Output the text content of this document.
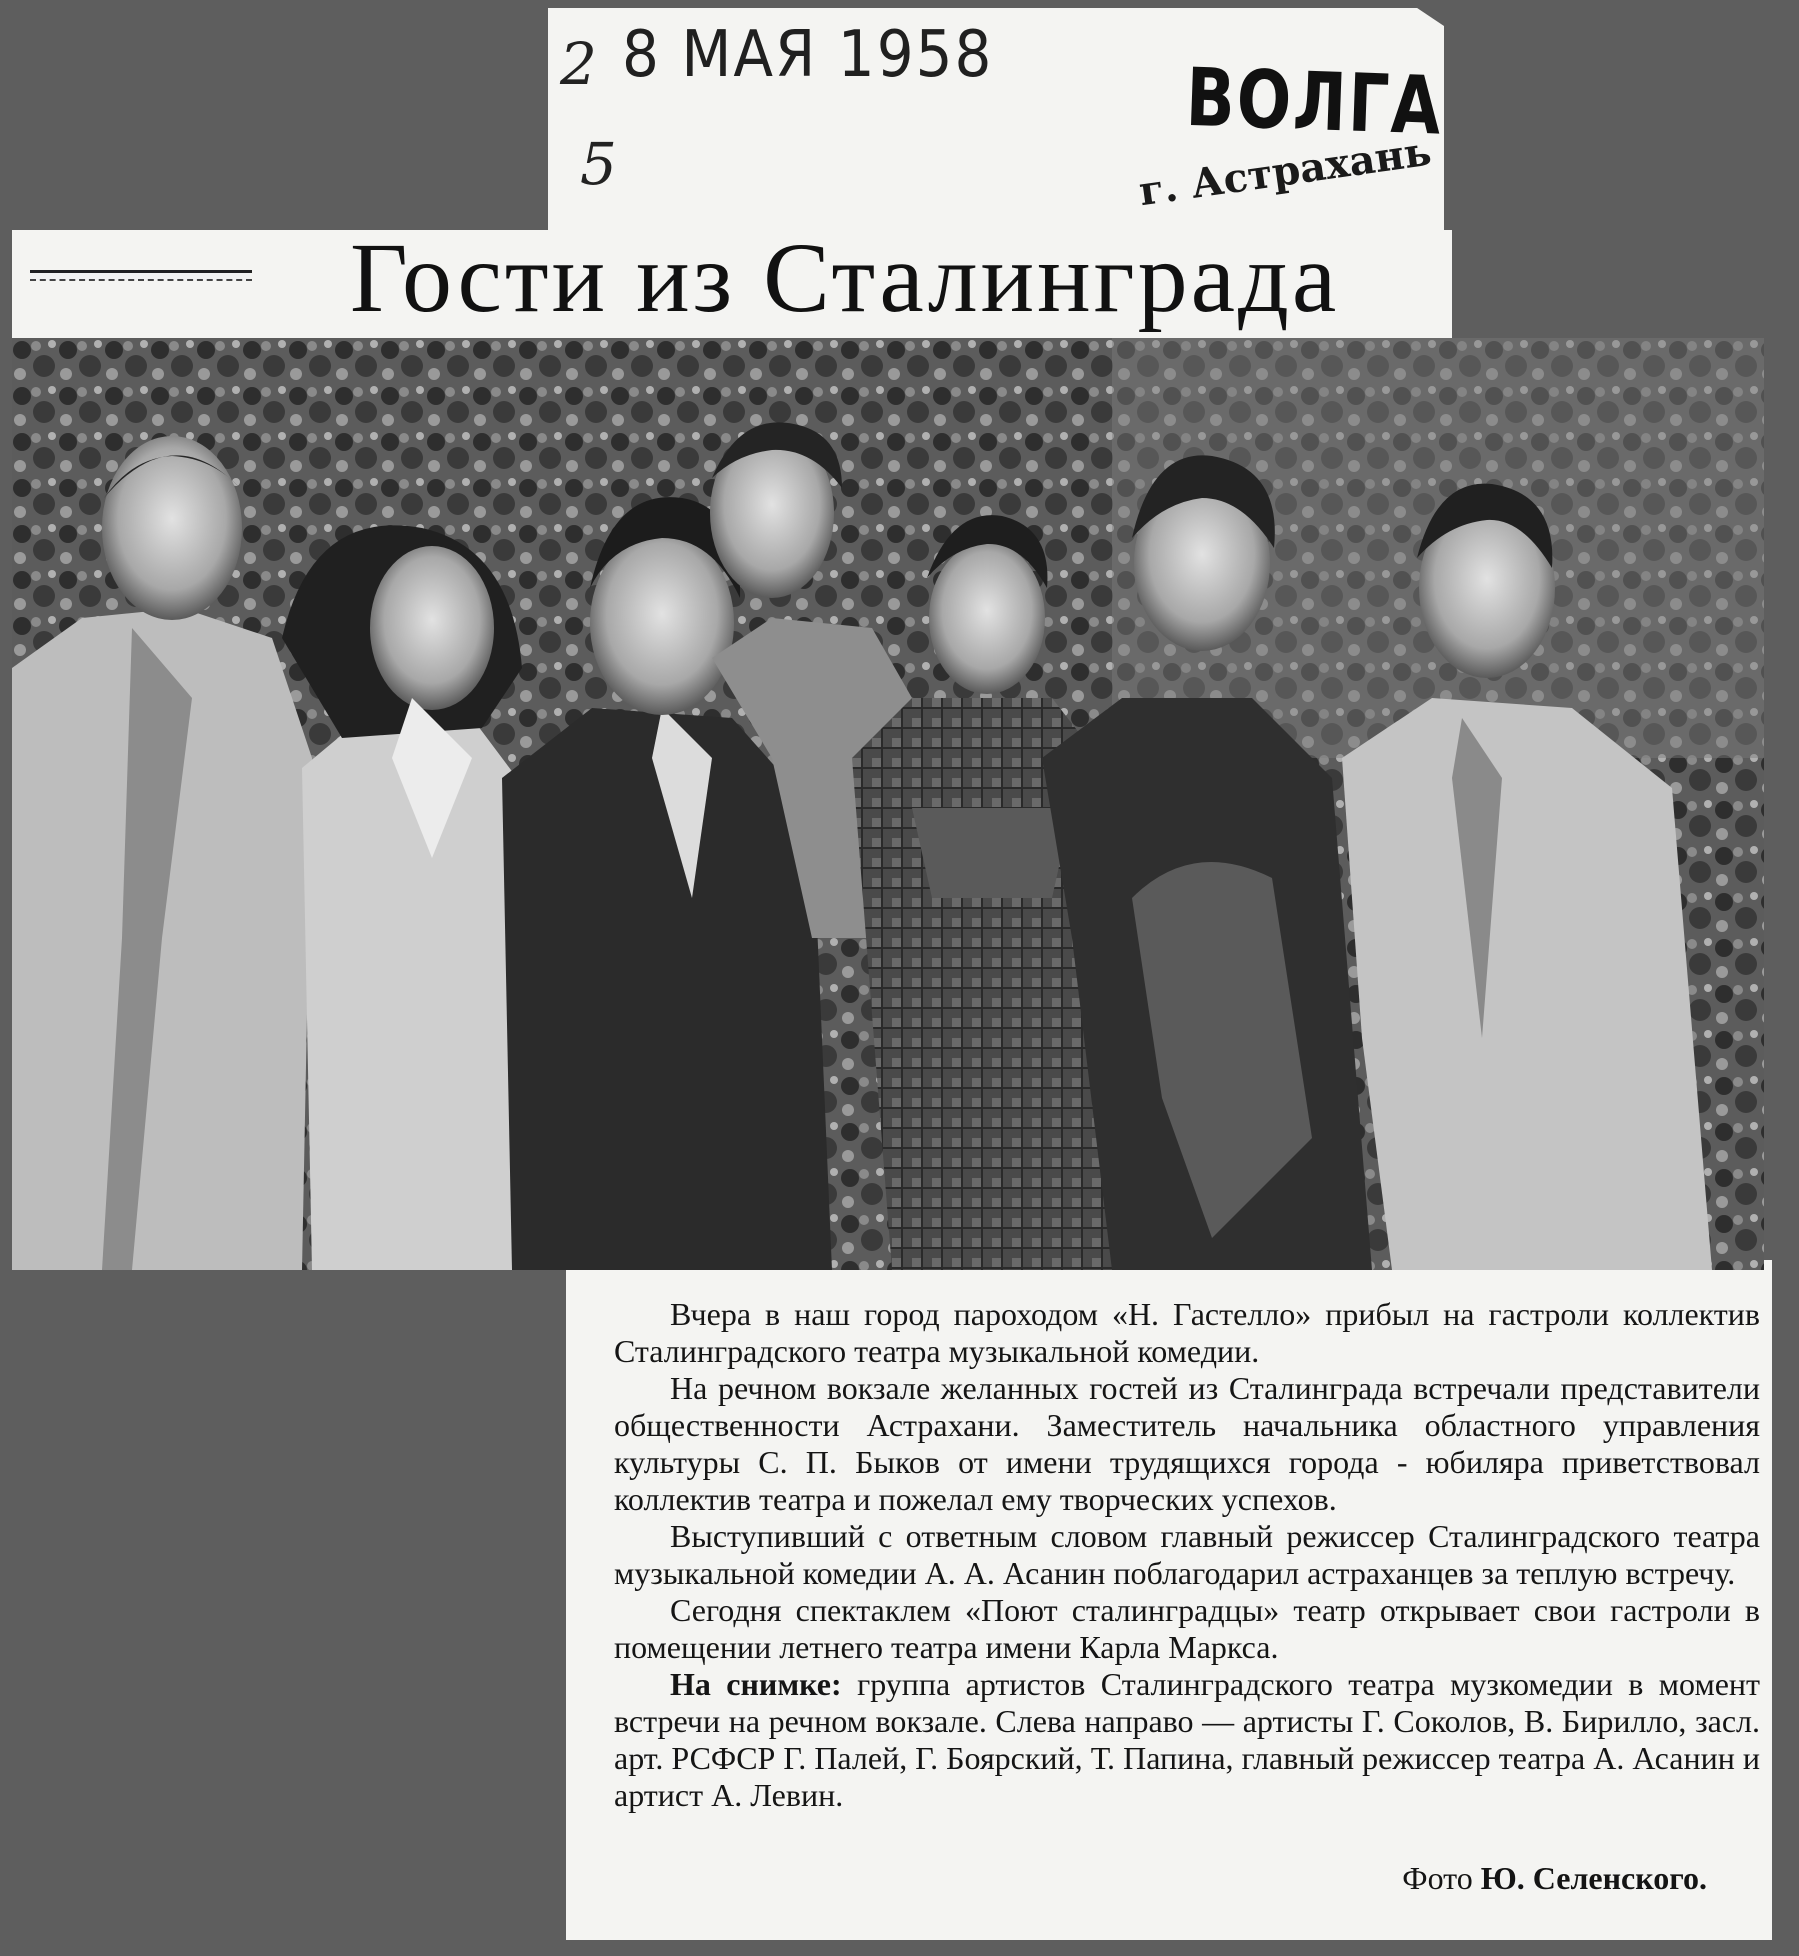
2 8 МАЯ 1958
5
ВОЛГА
г. Астрахань
Гости из Сталинграда

Вчера в наш город пароходом «Н. Гастелло» прибыл на гастроли коллектив Сталинградского театра музыкальной комедии.

На речном вокзале желанных гостей из Сталинграда встречали представители общественности Астрахани. Заместитель начальника областного управления культуры С. П. Быков от имени трудящихся города - юбиляра приветствовал коллектив театра и пожелал ему творческих успехов.

Выступивший с ответным словом главный режиссер Сталинградского театра музыкальной комедии А. А. Асанин поблагодарил астраханцев за теплую встречу.

Сегодня спектаклем «Поют сталинградцы» театр открывает свои гастроли в помещении летнего театра имени Карла Маркса.

На снимке: группа артистов Сталинградского театра музкомедии в момент встречи на речном вокзале. Слева направо — артисты Г. Соколов, В. Бирилло, засл. арт. РСФСР Г. Палей, Г. Боярский, Т. Папина, главный режиссер театра А. Асанин и артист А. Левин.

Фото Ю. Селенского.
